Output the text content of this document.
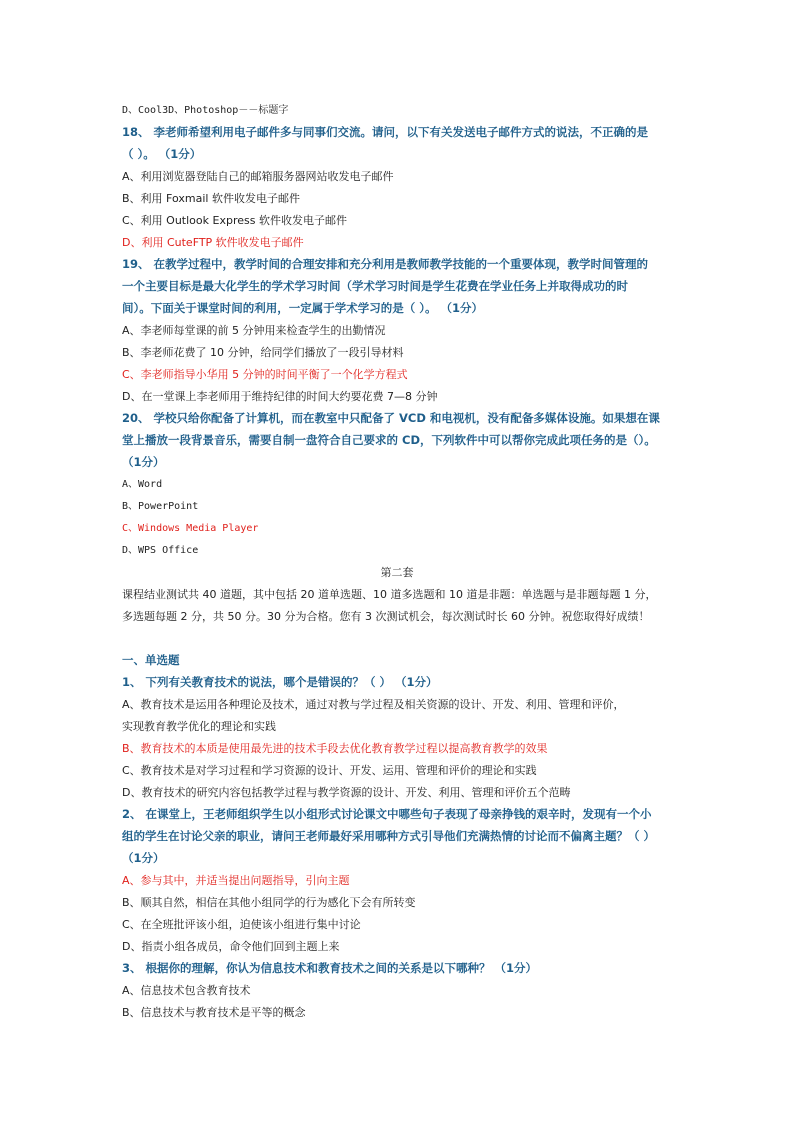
D、Cool3D、Photoshop－－标题字
18、 李老师希望利用电子邮件多与同事们交流。请问，以下有关发送电子邮件方式的说法，不正确的是
（ ）。 （1分）
A、利用浏览器登陆自己的邮箱服务器网站收发电子邮件
B、利用 Foxmail 软件收发电子邮件
C、利用 Outlook Express 软件收发电子邮件
D、利用 CuteFTP 软件收发电子邮件
19、 在教学过程中，教学时间的合理安排和充分利用是教师教学技能的一个重要体现，教学时间管理的
一个主要目标是最大化学生的学术学习时间（学术学习时间是学生花费在学业任务上并取得成功的时
间）。下面关于课堂时间的利用，一定属于学术学习的是（ ）。 （1分）
A、李老师每堂课的前 5 分钟用来检查学生的出勤情况
B、李老师花费了 10 分钟，给同学们播放了一段引导材料
C、李老师指导小华用 5 分钟的时间平衡了一个化学方程式
D、在一堂课上李老师用于维持纪律的时间大约要花费 7—8 分钟
20、 学校只给你配备了计算机，而在教室中只配备了 VCD 和电视机，没有配备多媒体设施。如果想在课
堂上播放一段背景音乐，需要自制一盘符合自己要求的 CD，下列软件中可以帮你完成此项任务的是（）。
（1分）
A、Word
B、PowerPoint
C、Windows Media Player
D、WPS Office
第二套
课程结业测试共 40 道题，其中包括 20 道单选题、10 道多选题和 10 道是非题：单选题与是非题每题 1 分，
多选题每题 2 分，共 50 分。30 分为合格。您有 3 次测试机会，每次测试时长 60 分钟。祝您取得好成绩！
一、单选题
1、 下列有关教育技术的说法，哪个是错误的？（ ） （1分）
A、教育技术是运用各种理论及技术，通过对教与学过程及相关资源的设计、开发、利用、管理和评价，
实现教育教学优化的理论和实践
B、教育技术的本质是使用最先进的技术手段去优化教育教学过程以提高教育教学的效果
C、教育技术是对学习过程和学习资源的设计、开发、运用、管理和评价的理论和实践
D、教育技术的研究内容包括教学过程与教学资源的设计、开发、利用、管理和评价五个范畴
2、 在课堂上，王老师组织学生以小组形式讨论课文中哪些句子表现了母亲挣钱的艰辛时，发现有一个小
组的学生在讨论父亲的职业，请问王老师最好采用哪种方式引导他们充满热情的讨论而不偏离主题？（ ）
（1分）
A、参与其中，并适当提出问题指导，引向主题
B、顺其自然，相信在其他小组同学的行为感化下会有所转变
C、在全班批评该小组，迫使该小组进行集中讨论
D、指责小组各成员，命令他们回到主题上来
3、 根据你的理解，你认为信息技术和教育技术之间的关系是以下哪种？ （1分）
A、信息技术包含教育技术
B、信息技术与教育技术是平等的概念
